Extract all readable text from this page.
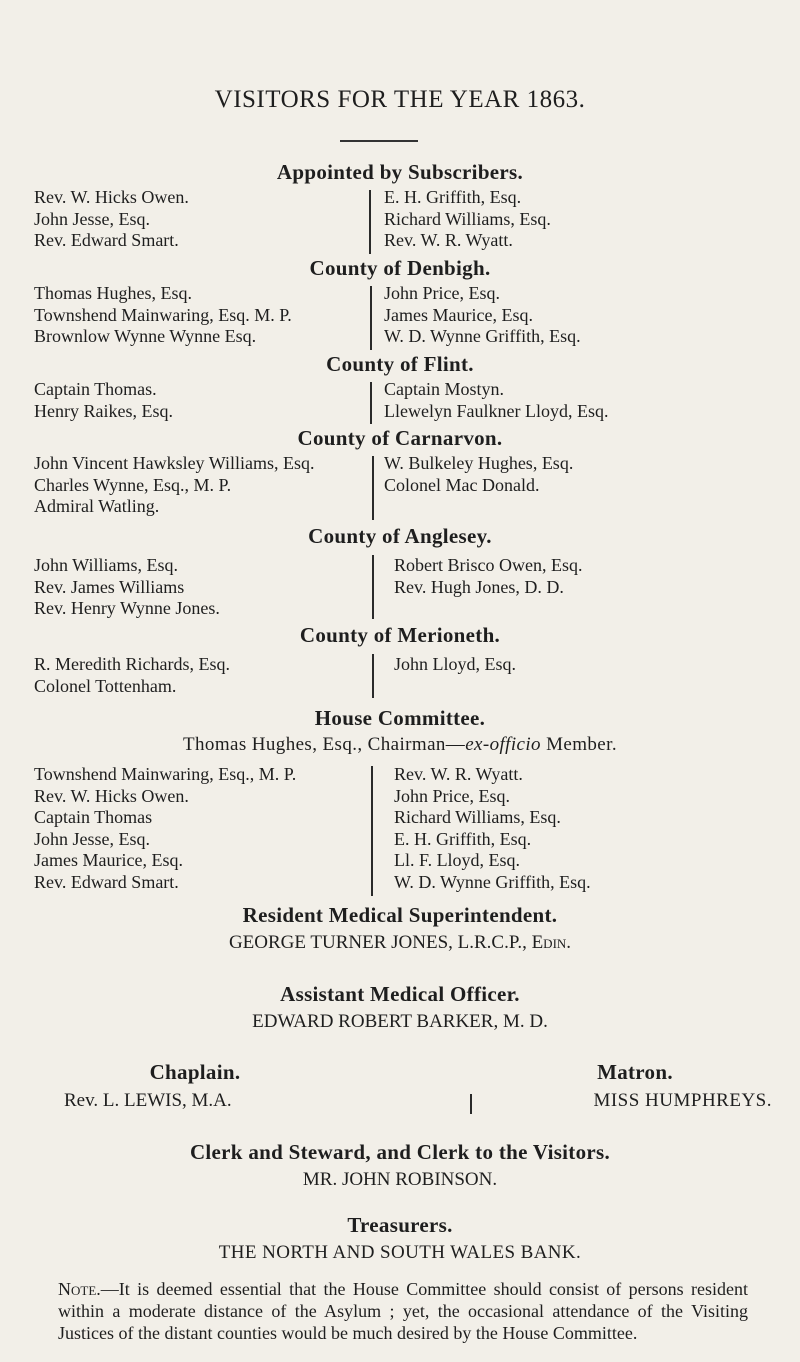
VISITORS FOR THE YEAR 1863.
Appointed by Subscribers.
Rev. W. Hicks Owen.
John Jesse, Esq.
Rev. Edward Smart.
E. H. Griffith, Esq.
Richard Williams, Esq.
Rev. W. R. Wyatt.
County of Denbigh.
Thomas Hughes, Esq.
Townshend Mainwaring, Esq. M. P.
Brownlow Wynne Wynne Esq.
John Price, Esq.
James Maurice, Esq.
W. D. Wynne Griffith, Esq.
County of Flint.
Captain Thomas.
Henry Raikes, Esq.
Captain Mostyn.
Llewelyn Faulkner Lloyd, Esq.
County of Carnarvon.
John Vincent Hawksley Williams, Esq.
Charles Wynne, Esq., M. P.
Admiral Watling.
W. Bulkeley Hughes, Esq.
Colonel Mac Donald.
County of Anglesey.
John Williams, Esq.
Rev. James Williams
Rev. Henry Wynne Jones.
Robert Brisco Owen, Esq.
Rev. Hugh Jones, D. D.
County of Merioneth.
R. Meredith Richards, Esq.
Colonel Tottenham.
John Lloyd, Esq.
House Committee.
Thomas Hughes, Esq., Chairman—ex-officio Member.
Townshend Mainwaring, Esq., M. P.
Rev. W. Hicks Owen.
Captain Thomas
John Jesse, Esq.
James Maurice, Esq.
Rev. Edward Smart.
Rev. W. R. Wyatt.
John Price, Esq.
Richard Williams, Esq.
E. H. Griffith, Esq.
Ll. F. Lloyd, Esq.
W. D. Wynne Griffith, Esq.
Resident Medical Superintendent.
GEORGE TURNER JONES, L.R.C.P., Edin.
Assistant Medical Officer.
EDWARD ROBERT BARKER, M. D.
Chaplain.	Matron.
Rev. L. LEWIS, M.A.	MISS HUMPHREYS.
Clerk and Steward, and Clerk to the Visitors.
MR. JOHN ROBINSON.
Treasurers.
THE NORTH AND SOUTH WALES BANK.
Note.—It is deemed essential that the House Committee should consist of persons resident within a moderate distance of the Asylum ; yet, the occasional attendance of the Visiting Justices of the distant counties would be much desired by the House Committee.
